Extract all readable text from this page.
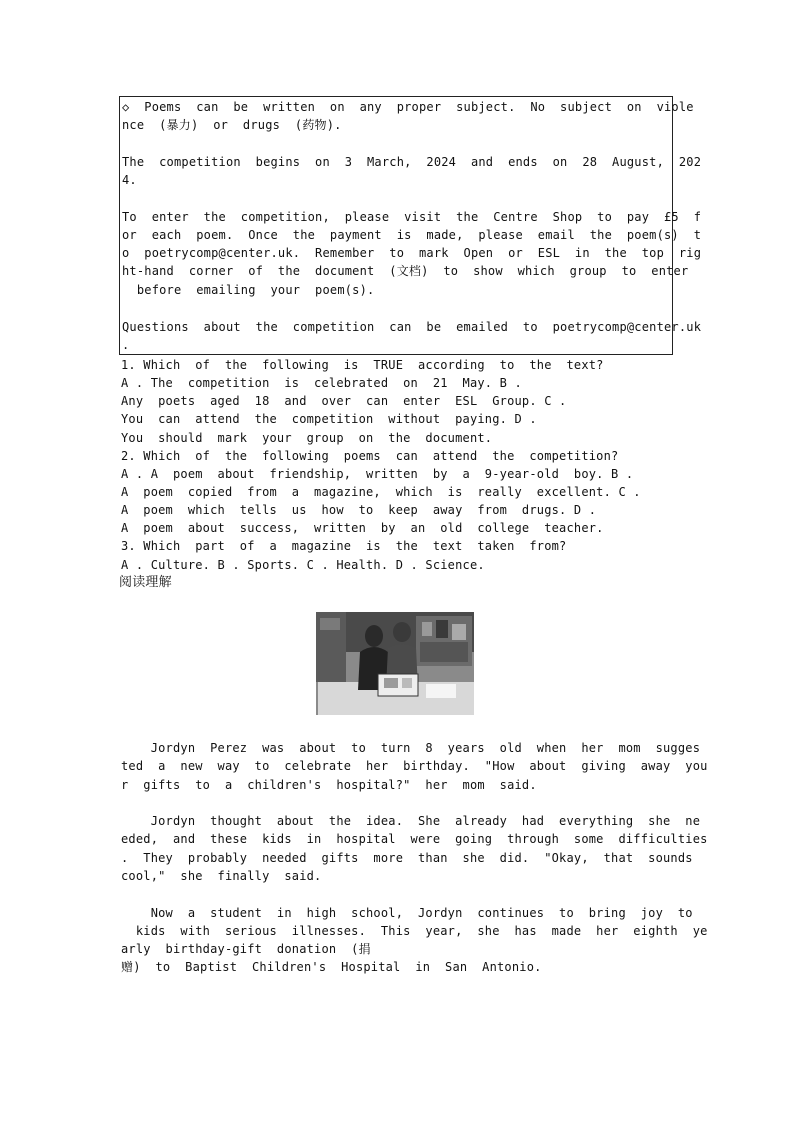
◇  Poems  can  be  written  on  any  proper  subject.  No  subject  on  viole
nce  (暴力)  or  drugs  (药物).
The  competition  begins  on  3  March,  2024  and  ends  on  28  August,  202
4.
To  enter  the  competition,  please  visit  the  Centre  Shop  to  pay  £5  f
or  each  poem.  Once  the  payment  is  made,  please  email  the  poem(s)  t
o  poetrycomp@center.uk.  Remember  to  mark  Open  or  ESL  in  the  top  rig
ht-hand  corner  of  the  document  (文档)  to  show  which  group  to  enter
before  emailing  your  poem(s).
Questions  about  the  competition  can  be  emailed  to  poetrycomp@center.uk
.
1. Which  of  the  following  is  TRUE  according  to  the  text?
A . The  competition  is  celebrated  on  21  May. B .
Any  poets  aged  18  and  over  can  enter  ESL  Group. C .
You  can  attend  the  competition  without  paying. D .
You  should  mark  your  group  on  the  document.
2. Which  of  the  following  poems  can  attend  the  competition?
A . A  poem  about  friendship,  written  by  a  9-year-old  boy. B .
A  poem  copied  from  a  magazine,  which  is  really  excellent. C .
A  poem  which  tells  us  how  to  keep  away  from  drugs. D .
A  poem  about  success,  written  by  an  old  college  teacher.
3. Which  part  of  a  magazine  is  the  text  taken  from?
A . Culture. B . Sports. C . Health. D . Science.
阅读理解
Jordyn  Perez  was  about  to  turn  8  years  old  when  her  mom  sugges
ted  a  new  way  to  celebrate  her  birthday.  "How  about  giving  away  you
r  gifts  to  a  children's  hospital?"  her  mom  said.
Jordyn  thought  about  the  idea.  She  already  had  everything  she  ne
eded,  and  these  kids  in  hospital  were  going  through  some  difficulties
.  They  probably  needed  gifts  more  than  she  did.  "Okay,  that  sounds
cool,"  she  finally  said.
Now  a  student  in  high  school,  Jordyn  continues  to  bring  joy  to
kids  with  serious  illnesses.  This  year,  she  has  made  her  eighth  ye
arly  birthday-gift  donation  (捐
赠)  to  Baptist  Children's  Hospital  in  San  Antonio.
